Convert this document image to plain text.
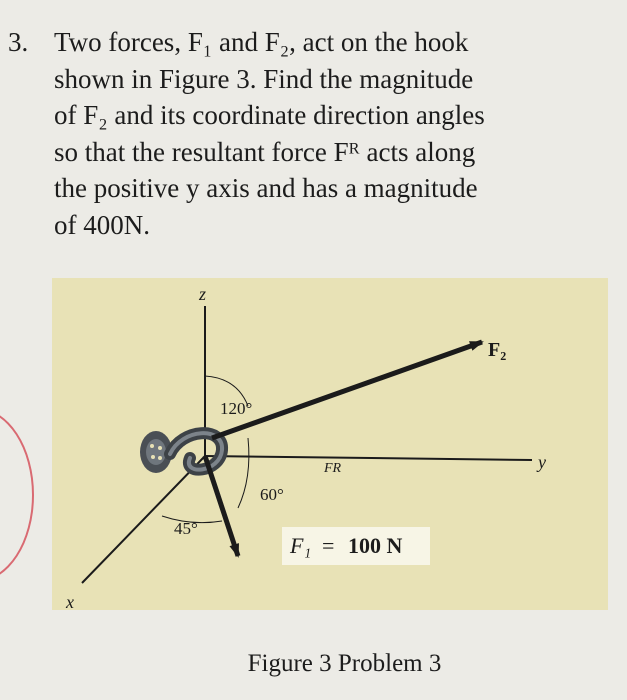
3. Two forces, F₁ and F₂, act on the hook
shown in Figure 3. Find the magnitude
of F₂ and its coordinate direction angles
so that the resultant force Fᴿ acts along
the positive y axis and has a magnitude
of 400N.
FR
z
y
x
F₂
120°
60°
45°
F₁ = 100 N
Figure 3 Problem 3
